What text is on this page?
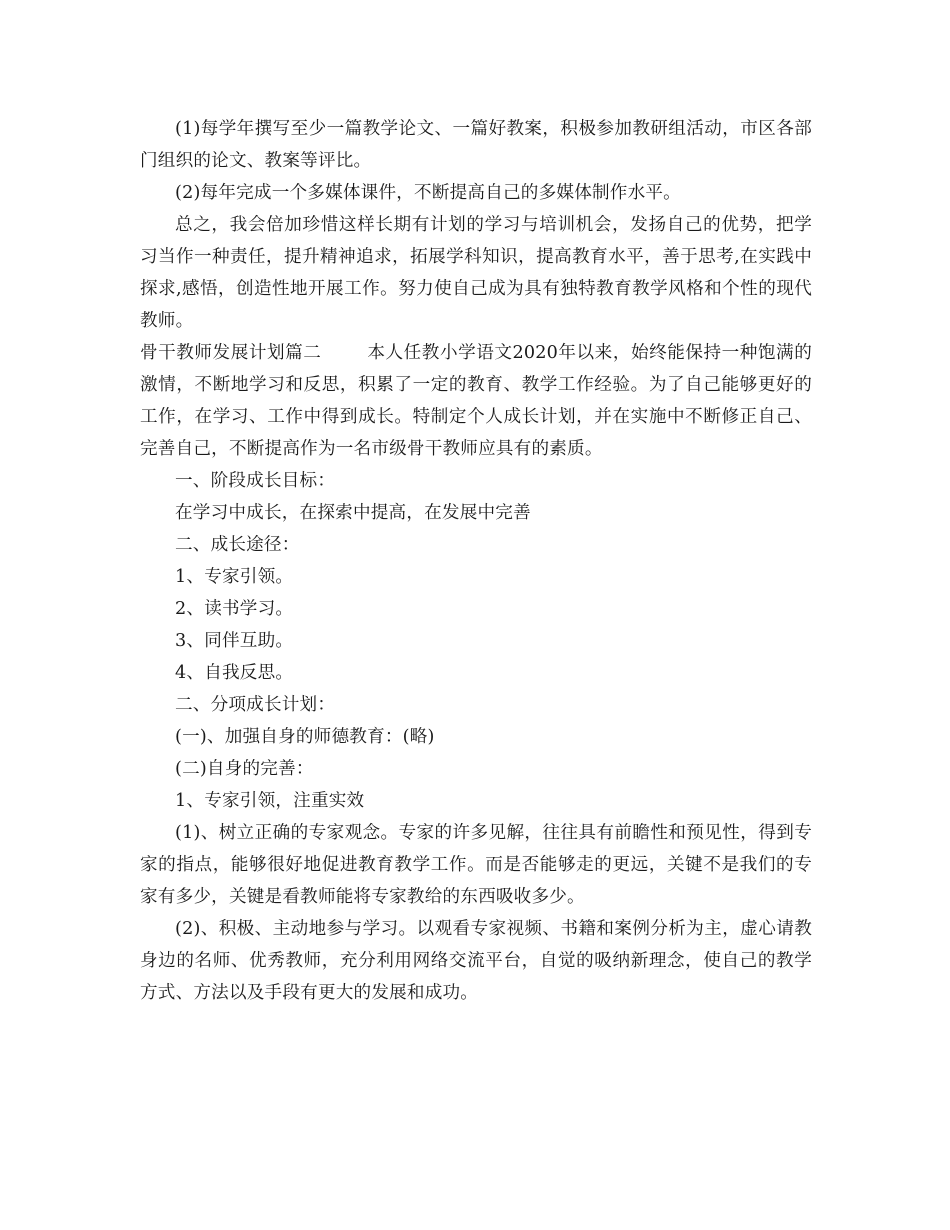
(1)每学年撰写至少一篇教学论文、一篇好教案，积极参加教研组活动，市区各部门组织的论文、教案等评比。

(2)每年完成一个多媒体课件，不断提高自己的多媒体制作水平。

总之，我会倍加珍惜这样长期有计划的学习与培训机会，发扬自己的优势，把学习当作一种责任，提升精神追求，拓展学科知识，提高教育水平，善于思考,在实践中探求,感悟，创造性地开展工作。努力使自己成为具有独特教育教学风格和个性的现代教师。

骨干教师发展计划篇二	本人任教小学语文2020年以来，始终能保持一种饱满的激情，不断地学习和反思，积累了一定的教育、教学工作经验。为了自己能够更好的工作，在学习、工作中得到成长。特制定个人成长计划，并在实施中不断修正自己、完善自己，不断提高作为一名市级骨干教师应具有的素质。

一、阶段成长目标：

在学习中成长，在探索中提高，在发展中完善

二、成长途径：

1、专家引领。

2、读书学习。

3、同伴互助。

4、自我反思。

二、分项成长计划：

(一)、加强自身的师德教育：(略)

(二)自身的完善：

1、专家引领，注重实效

(1)、树立正确的专家观念。专家的许多见解，往往具有前瞻性和预见性，得到专家的指点，能够很好地促进教育教学工作。而是否能够走的更远，关键不是我们的专家有多少，关键是看教师能将专家教给的东西吸收多少。

(2)、积极、主动地参与学习。以观看专家视频、书籍和案例分析为主，虚心请教身边的名师、优秀教师，充分利用网络交流平台，自觉的吸纳新理念，使自己的教学方式、方法以及手段有更大的发展和成功。
